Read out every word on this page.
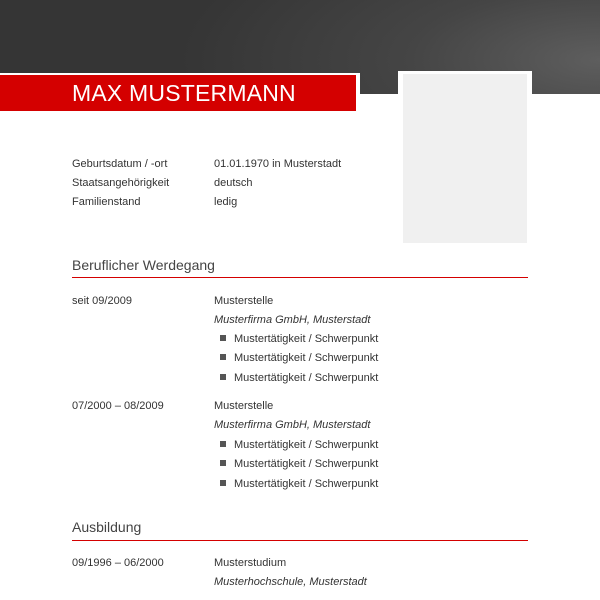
MAX MUSTERMANN
Geburtsdatum / -ort	01.01.1970 in Musterstadt
Staatsangehörigkeit	deutsch
Familienstand	ledig
Beruflicher Werdegang
seit 09/2009	Musterstelle
Musterfirma GmbH, Musterstadt
Mustertätigkeit / Schwerpunkt
Mustertätigkeit / Schwerpunkt
Mustertätigkeit / Schwerpunkt
07/2000 – 08/2009	Musterstelle
Musterfirma GmbH, Musterstadt
Mustertätigkeit / Schwerpunkt
Mustertätigkeit / Schwerpunkt
Mustertätigkeit / Schwerpunkt
Ausbildung
09/1996 – 06/2000	Musterstudium
Musterhochschule, Musterstadt
